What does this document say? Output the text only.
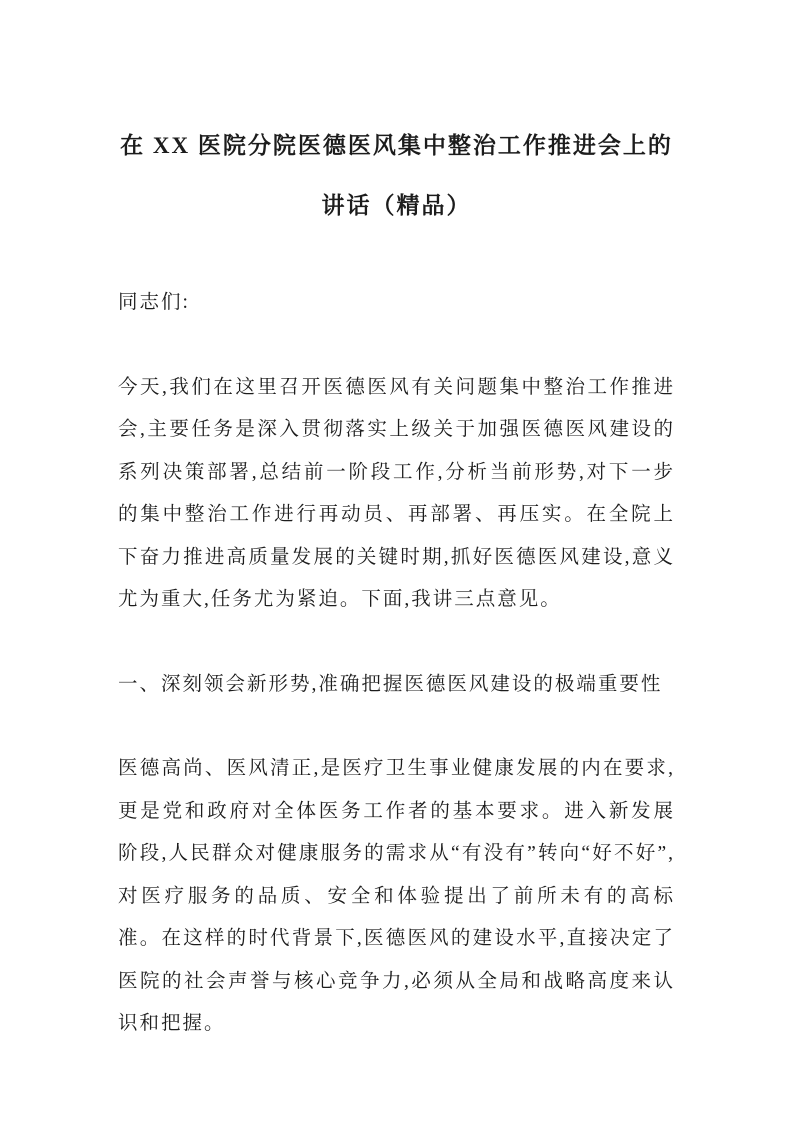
在 XX 医院分院医德医风集中整治工作推进会上的讲话（精品）

同志们:

今天,我们在这里召开医德医风有关问题集中整治工作推进会,主要任务是深入贯彻落实上级关于加强医德医风建设的系列决策部署,总结前一阶段工作,分析当前形势,对下一步的集中整治工作进行再动员、再部署、再压实。在全院上下奋力推进高质量发展的关键时期,抓好医德医风建设,意义尤为重大,任务尤为紧迫。下面,我讲三点意见。

一、深刻领会新形势,准确把握医德医风建设的极端重要性

医德高尚、医风清正,是医疗卫生事业健康发展的内在要求,更是党和政府对全体医务工作者的基本要求。进入新发展阶段,人民群众对健康服务的需求从“有没有”转向“好不好”,对医疗服务的品质、安全和体验提出了前所未有的高标准。在这样的时代背景下,医德医风的建设水平,直接决定了医院的社会声誉与核心竞争力,必须从全局和战略高度来认识和把握。
